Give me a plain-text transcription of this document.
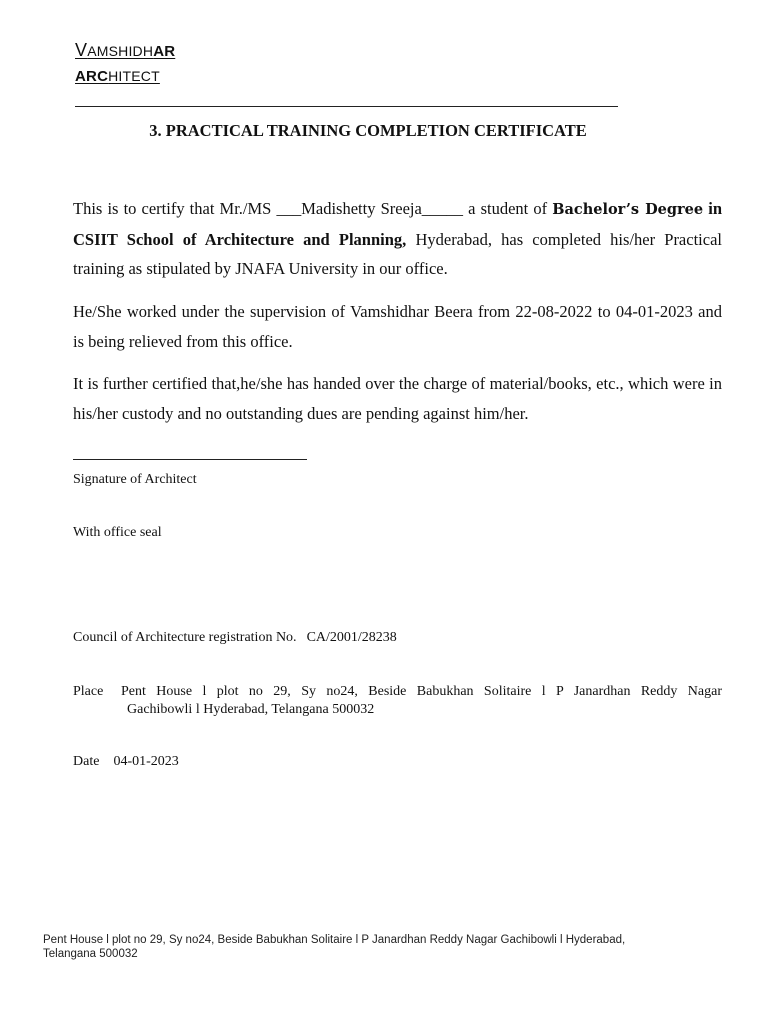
VAMSHIDHAR
ARCHITECT
3. PRACTICAL TRAINING COMPLETION CERTIFICATE
This is to certify that Mr./MS ___Madishetty Sreeja_____ a student of Bachelor’s Degree in CSIIT School of Architecture and Planning, Hyderabad, has completed his/her Practical training as stipulated by JNAFA University in our office.
He/She worked under the supervision of Vamshidhar Beera from 22-08-2022 to 04-01-2023 and is being relieved from this office.
It is further certified that,he/she has handed over the charge of material/books, etc., which were in his/her custody and no outstanding dues are pending against him/her.
Signature of Architect
With office seal
Council of Architecture registration No. CA/2001/28238
Place	Pent House l plot no 29, Sy no24, Beside Babukhan Solitaire l P Janardhan Reddy Nagar
Gachibowli l Hyderabad, Telangana 500032
Date 04-01-2023
Pent House l plot no 29, Sy no24, Beside Babukhan Solitaire l P Janardhan Reddy Nagar Gachibowli l Hyderabad,
Telangana 500032
